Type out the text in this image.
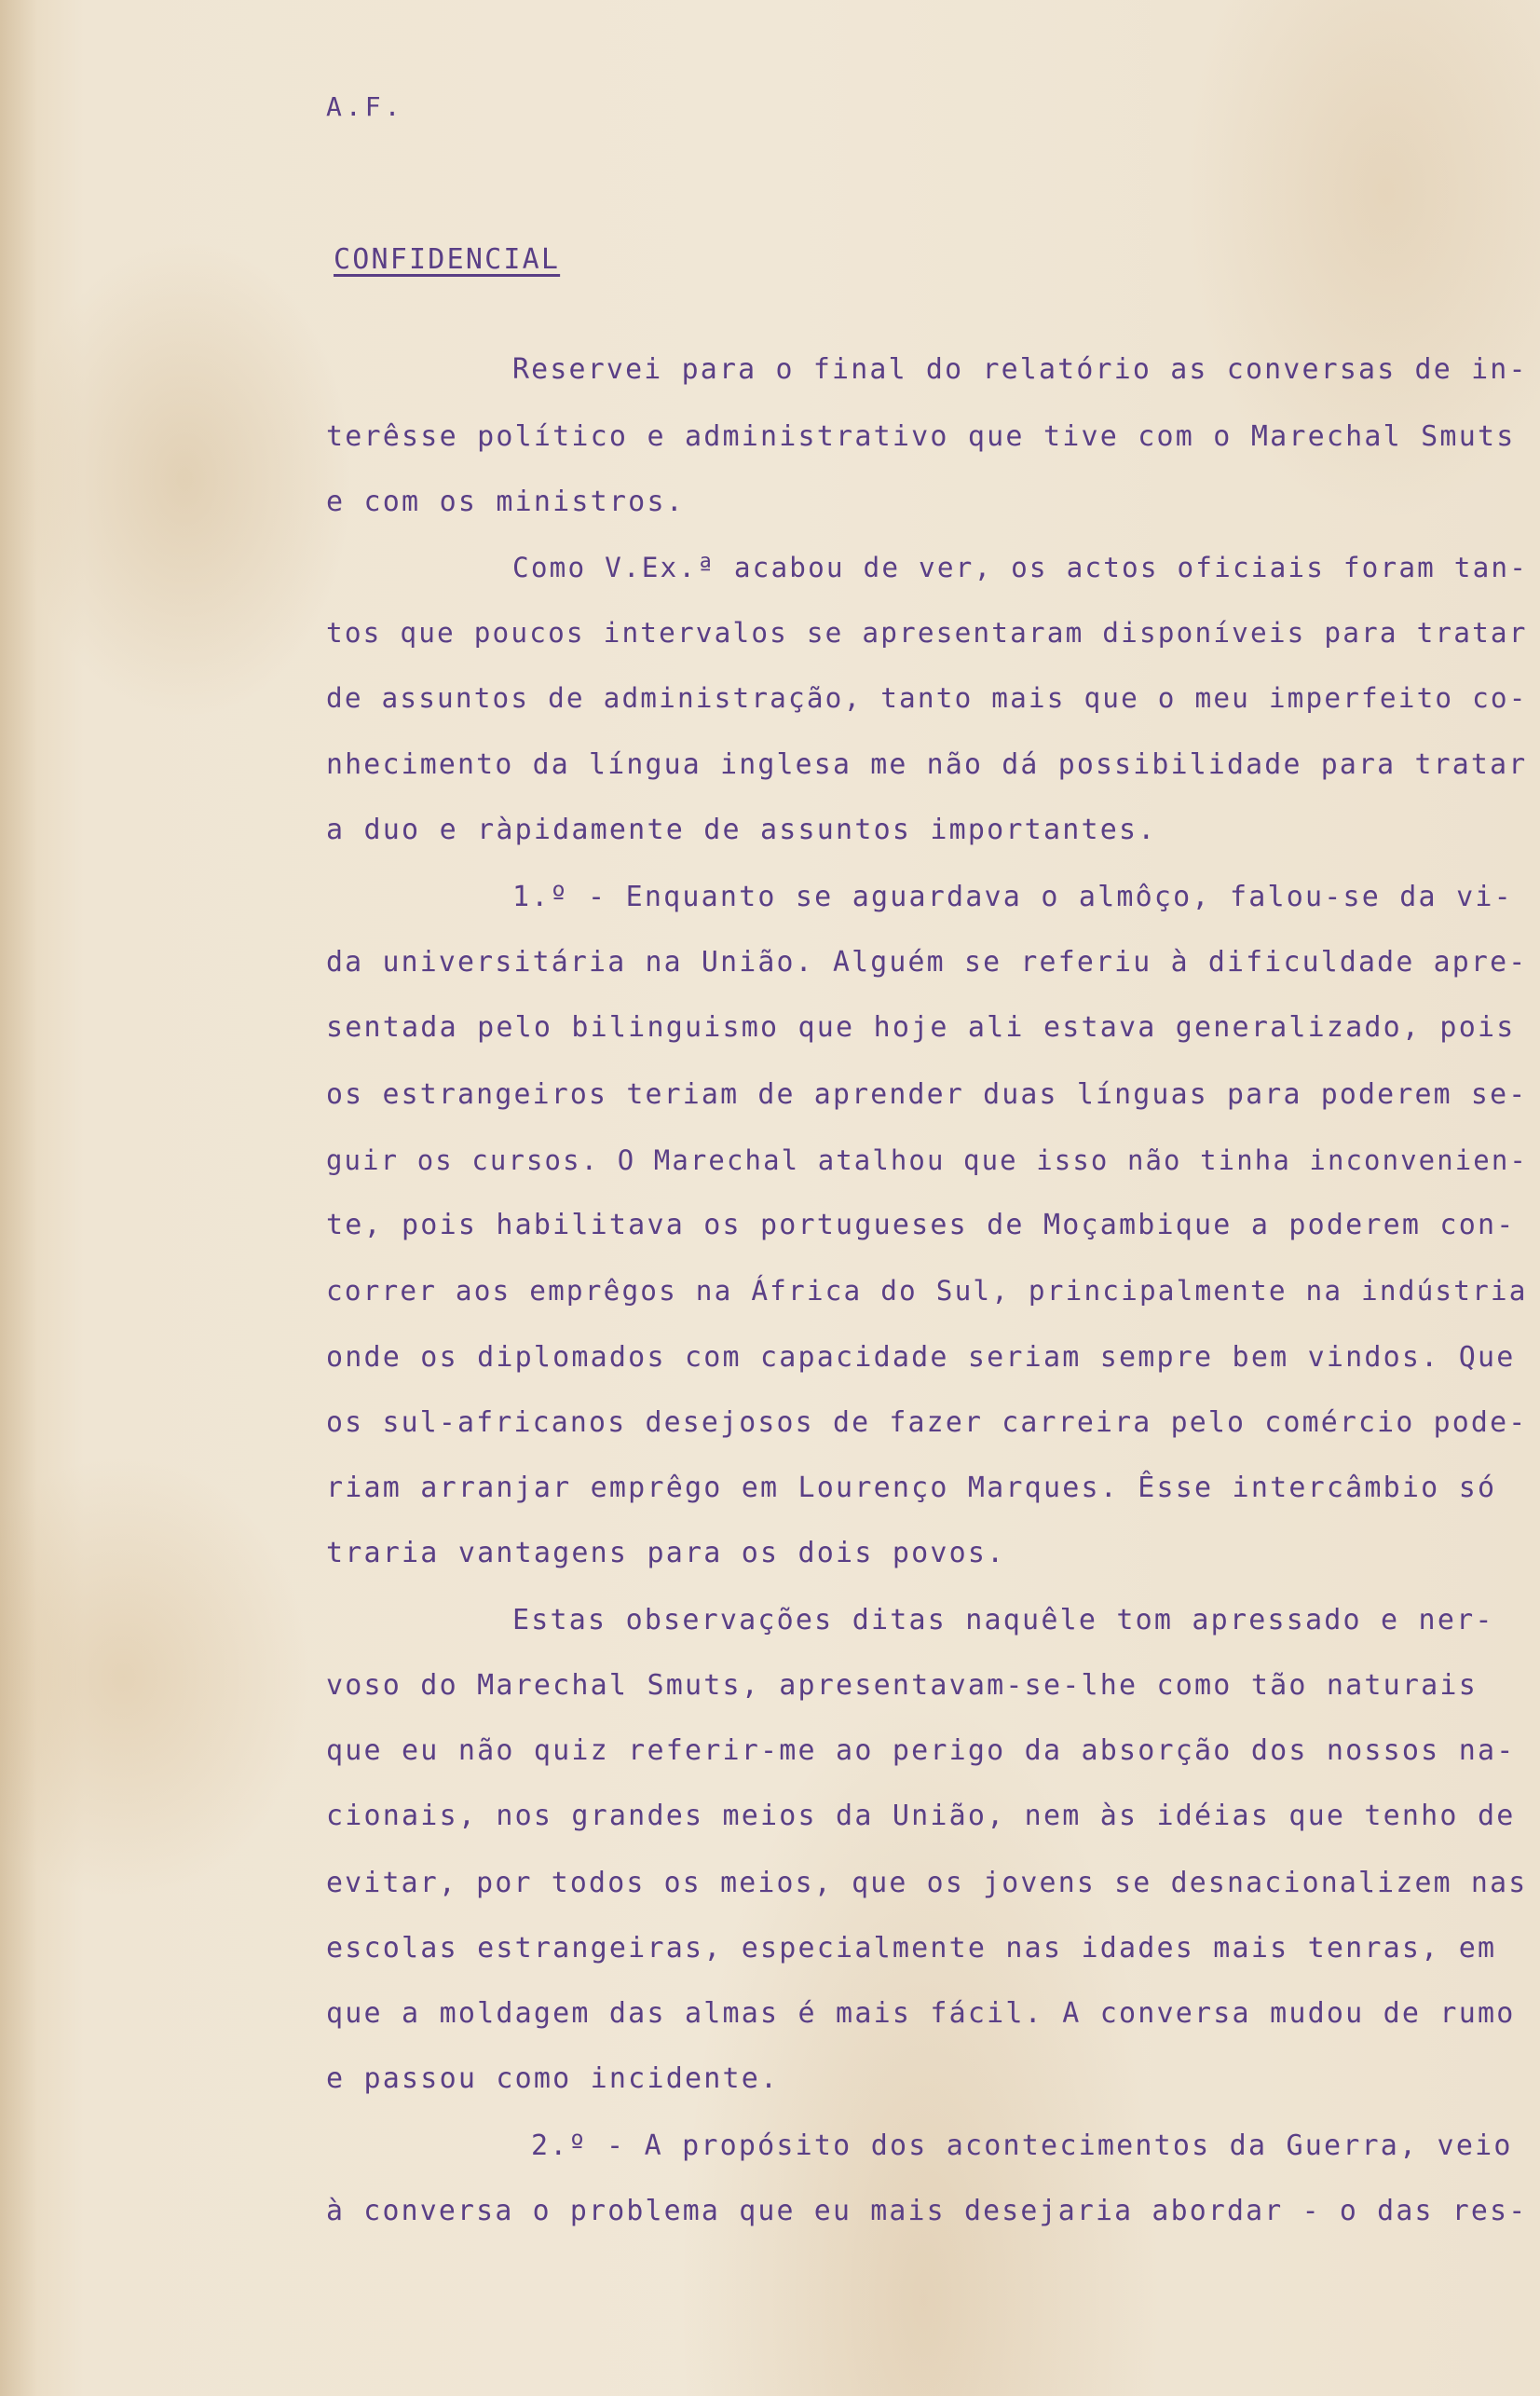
A.F.
CONFIDENCIAL
Reservei para o final do relatório as conversas de in-
terêsse político e administrativo que tive com o Marechal Smuts
e com os ministros.
Como V.Ex.ª acabou de ver, os actos oficiais foram tan-
tos que poucos intervalos se apresentaram disponíveis para tratar
de assuntos de administração, tanto mais que o meu imperfeito co-
nhecimento da língua inglesa me não dá possibilidade para tratar
a duo e ràpidamente de assuntos importantes.
1.º - Enquanto se aguardava o almôço, falou-se da vi-
da universitária na União. Alguém se referiu à dificuldade apre-
sentada pelo bilinguismo que hoje ali estava generalizado, pois
os estrangeiros teriam de aprender duas línguas para poderem se-
guir os cursos. O Marechal atalhou que isso não tinha inconvenien-
te, pois habilitava os portugueses de Moçambique a poderem con-
correr aos emprêgos na África do Sul, principalmente na indústria
onde os diplomados com capacidade seriam sempre bem vindos. Que
os sul-africanos desejosos de fazer carreira pelo comércio pode-
riam arranjar emprêgo em Lourenço Marques. Êsse intercâmbio só
traria vantagens para os dois povos.
Estas observações ditas naquêle tom apressado e ner-
voso do Marechal Smuts, apresentavam-se-lhe como tão naturais
que eu não quiz referir-me ao perigo da absorção dos nossos na-
cionais, nos grandes meios da União, nem às idéias que tenho de
evitar, por todos os meios, que os jovens se desnacionalizem nas
escolas estrangeiras, especialmente nas idades mais tenras, em
que a moldagem das almas é mais fácil. A conversa mudou de rumo
e passou como incidente.
2.º - A propósito dos acontecimentos da Guerra, veio
à conversa o problema que eu mais desejaria abordar - o das res-
